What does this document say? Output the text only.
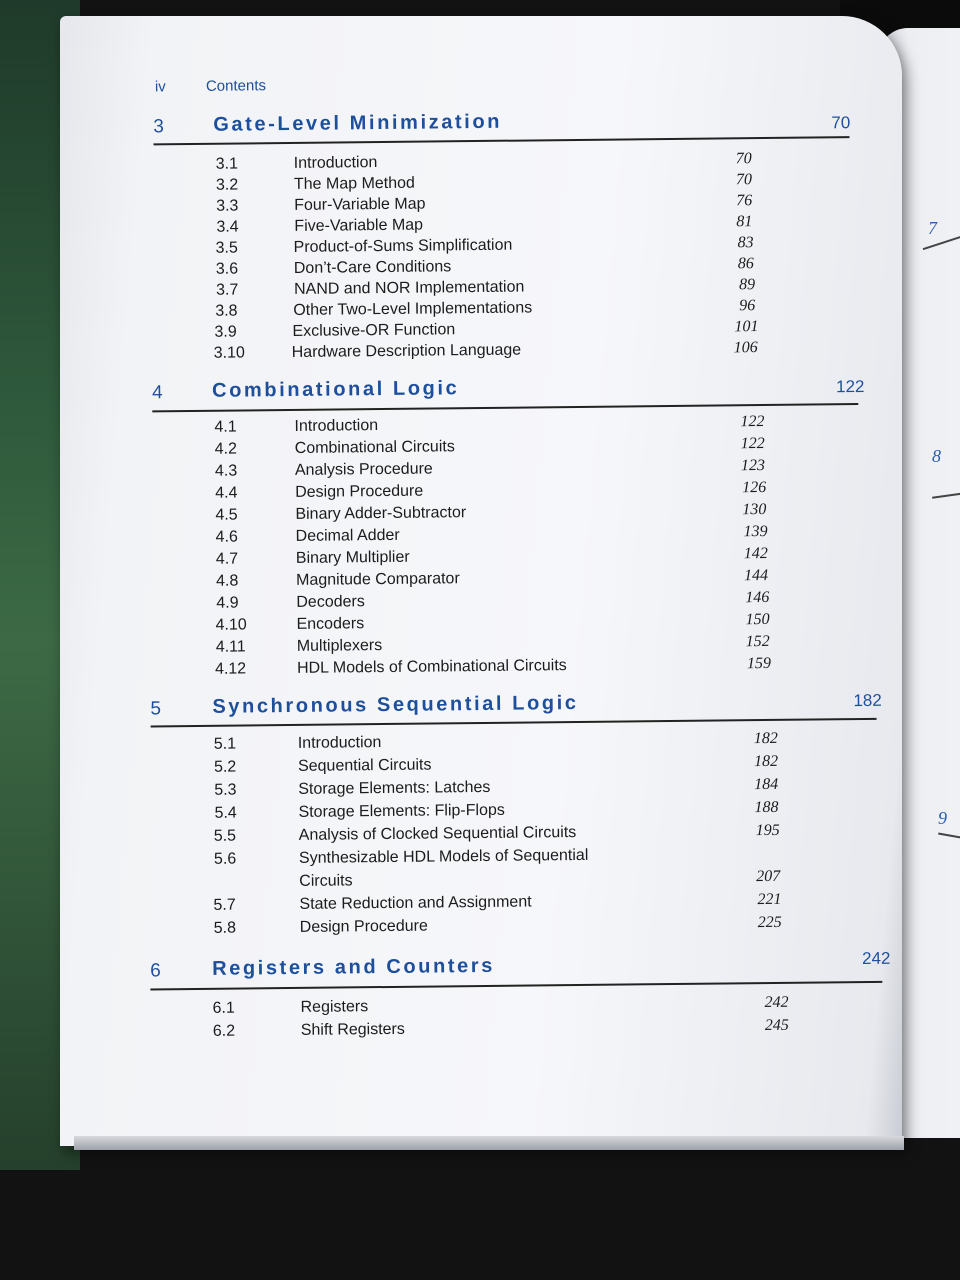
7
8
9
iv	Contents
3 Gate-Level Minimization	70
4 Combinational Logic	122
5	Synchronous Sequential Logic	182
6	Registers and Counters	242
3.1	Introduction	70
3.2	The Map Method	70
3.3	Four-Variable Map	76
3.4	Five-Variable Map	81
3.5	Product-of-Sums Simplification	83
3.6	Don’t-Care Conditions	86
3.7	NAND and NOR Implementation	89
3.8	Other Two-Level Implementations	96
3.9	Exclusive-OR Function	101
3.10	Hardware Description Language	106
4.1	Introduction	122
4.2	Combinational Circuits	122
4.3	Analysis Procedure	123
4.4	Design Procedure	126
4.5	Binary Adder-Subtractor	130
4.6	Decimal Adder	139
4.7	Binary Multiplier	142
4.8	Magnitude Comparator	144
4.9	Decoders	146
4.10	Encoders	150
4.11	Multiplexers	152
4.12	HDL Models of Combinational Circuits	159
5.1	Introduction	182
5.2	Sequential Circuits	182
5.3	Storage Elements: Latches	184
5.4	Storage Elements: Flip-Flops	188
5.5	Analysis of Clocked Sequential Circuits	195
5.6	Synthesizable HDL Models of Sequential
Circuits	207
5.7	State Reduction and Assignment	221
5.8	Design Procedure	225
6.1	Registers	242
6.2	Shift Registers	245
